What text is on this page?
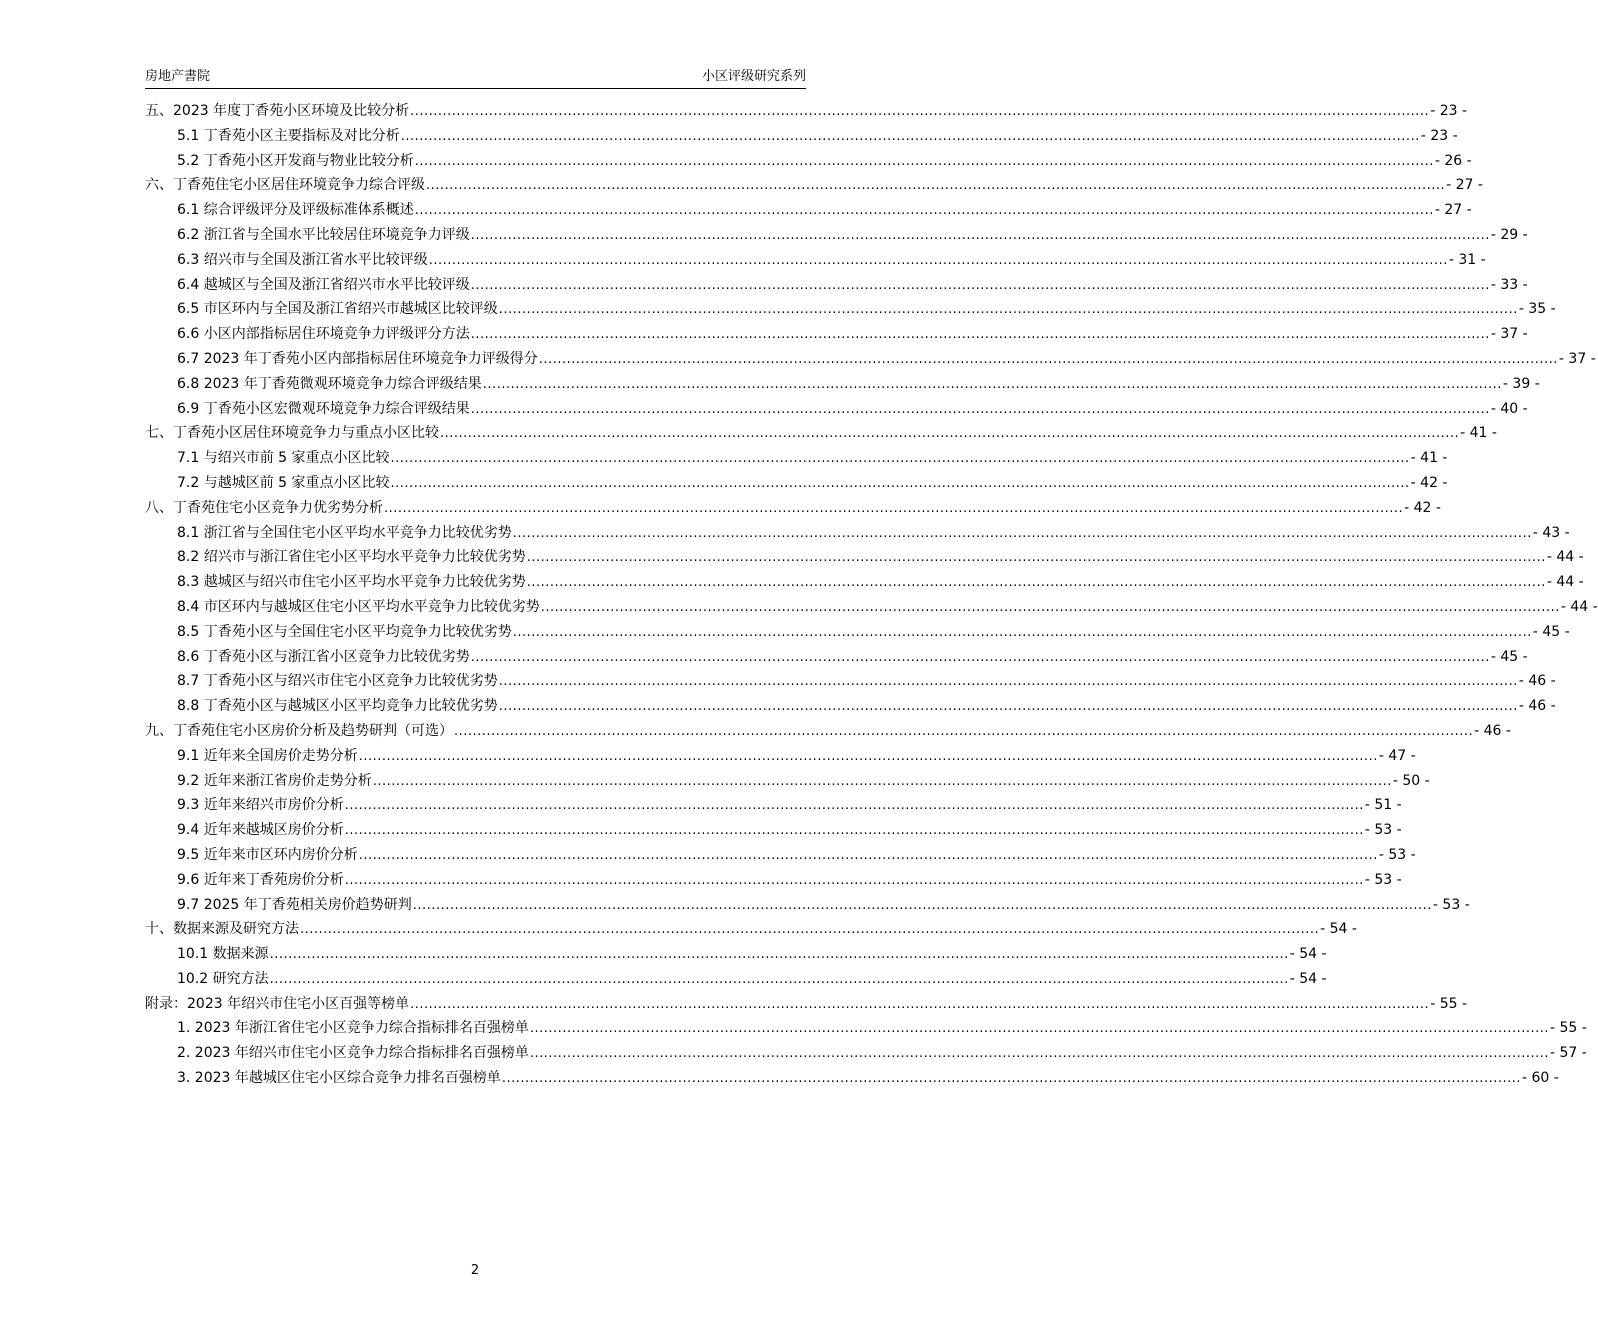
房地产書院	小区评级研究系列
五、2023 年度丁香苑小区环境及比较分析 ............................................................................................................................................................................................................................ - 23 -
5.1 丁香苑小区主要指标及对比分析 ............................................................................................................................................................................................................................ - 23 -
5.2 丁香苑小区开发商与物业比较分析 ............................................................................................................................................................................................................................ - 26 -
六、丁香苑住宅小区居住环境竞争力综合评级 ............................................................................................................................................................................................................................ - 27 -
6.1 综合评级评分及评级标准体系概述 ............................................................................................................................................................................................................................ - 27 -
6.2 浙江省与全国水平比较居住环境竞争力评级 ............................................................................................................................................................................................................................ - 29 -
6.3 绍兴市与全国及浙江省水平比较评级 ............................................................................................................................................................................................................................ - 31 -
6.4 越城区与全国及浙江省绍兴市水平比较评级 ............................................................................................................................................................................................................................ - 33 -
6.5 市区环内与全国及浙江省绍兴市越城区比较评级 ............................................................................................................................................................................................................................ - 35 -
6.6 小区内部指标居住环境竞争力评级评分方法 ............................................................................................................................................................................................................................ - 37 -
6.7 2023 年丁香苑小区内部指标居住环境竞争力评级得分 ............................................................................................................................................................................................................................ - 37 -
6.8 2023 年丁香苑微观环境竞争力综合评级结果 ............................................................................................................................................................................................................................ - 39 -
6.9 丁香苑小区宏微观环境竞争力综合评级结果 ............................................................................................................................................................................................................................ - 40 -
七、丁香苑小区居住环境竞争力与重点小区比较 ............................................................................................................................................................................................................................ - 41 -
7.1 与绍兴市前 5 家重点小区比较 ............................................................................................................................................................................................................................ - 41 -
7.2 与越城区前 5 家重点小区比较 ............................................................................................................................................................................................................................ - 42 -
八、丁香苑住宅小区竞争力优劣势分析 ............................................................................................................................................................................................................................ - 42 -
8.1 浙江省与全国住宅小区平均水平竞争力比较优劣势 ............................................................................................................................................................................................................................ - 43 -
8.2 绍兴市与浙江省住宅小区平均水平竞争力比较优劣势 ............................................................................................................................................................................................................................ - 44 -
8.3 越城区与绍兴市住宅小区平均水平竞争力比较优劣势 ............................................................................................................................................................................................................................ - 44 -
8.4 市区环内与越城区住宅小区平均水平竞争力比较优劣势 ............................................................................................................................................................................................................................ - 44 -
8.5 丁香苑小区与全国住宅小区平均竞争力比较优劣势 ............................................................................................................................................................................................................................ - 45 -
8.6 丁香苑小区与浙江省小区竞争力比较优劣势 ............................................................................................................................................................................................................................ - 45 -
8.7 丁香苑小区与绍兴市住宅小区竞争力比较优劣势 ............................................................................................................................................................................................................................ - 46 -
8.8 丁香苑小区与越城区小区平均竞争力比较优劣势 ............................................................................................................................................................................................................................ - 46 -
九、丁香苑住宅小区房价分析及趋势研判（可选） ............................................................................................................................................................................................................................ - 46 -
9.1 近年来全国房价走势分析 ............................................................................................................................................................................................................................ - 47 -
9.2 近年来浙江省房价走势分析 ............................................................................................................................................................................................................................ - 50 -
9.3 近年来绍兴市房价分析 ............................................................................................................................................................................................................................ - 51 -
9.4 近年来越城区房价分析 ............................................................................................................................................................................................................................ - 53 -
9.5 近年来市区环内房价分析 ............................................................................................................................................................................................................................ - 53 -
9.6 近年来丁香苑房价分析 ............................................................................................................................................................................................................................ - 53 -
9.7 2025 年丁香苑相关房价趋势研判 ............................................................................................................................................................................................................................ - 53 -
十、数据来源及研究方法 ............................................................................................................................................................................................................................ - 54 -
10.1 数据来源 ............................................................................................................................................................................................................................ - 54 -
10.2 研究方法 ............................................................................................................................................................................................................................ - 54 -
附录：2023 年绍兴市住宅小区百强等榜单 ............................................................................................................................................................................................................................ - 55 -
1. 2023 年浙江省住宅小区竞争力综合指标排名百强榜单 ............................................................................................................................................................................................................................ - 55 -
2. 2023 年绍兴市住宅小区竞争力综合指标排名百强榜单 ............................................................................................................................................................................................................................ - 57 -
3. 2023 年越城区住宅小区综合竞争力排名百强榜单 ............................................................................................................................................................................................................................ - 60 -
2
